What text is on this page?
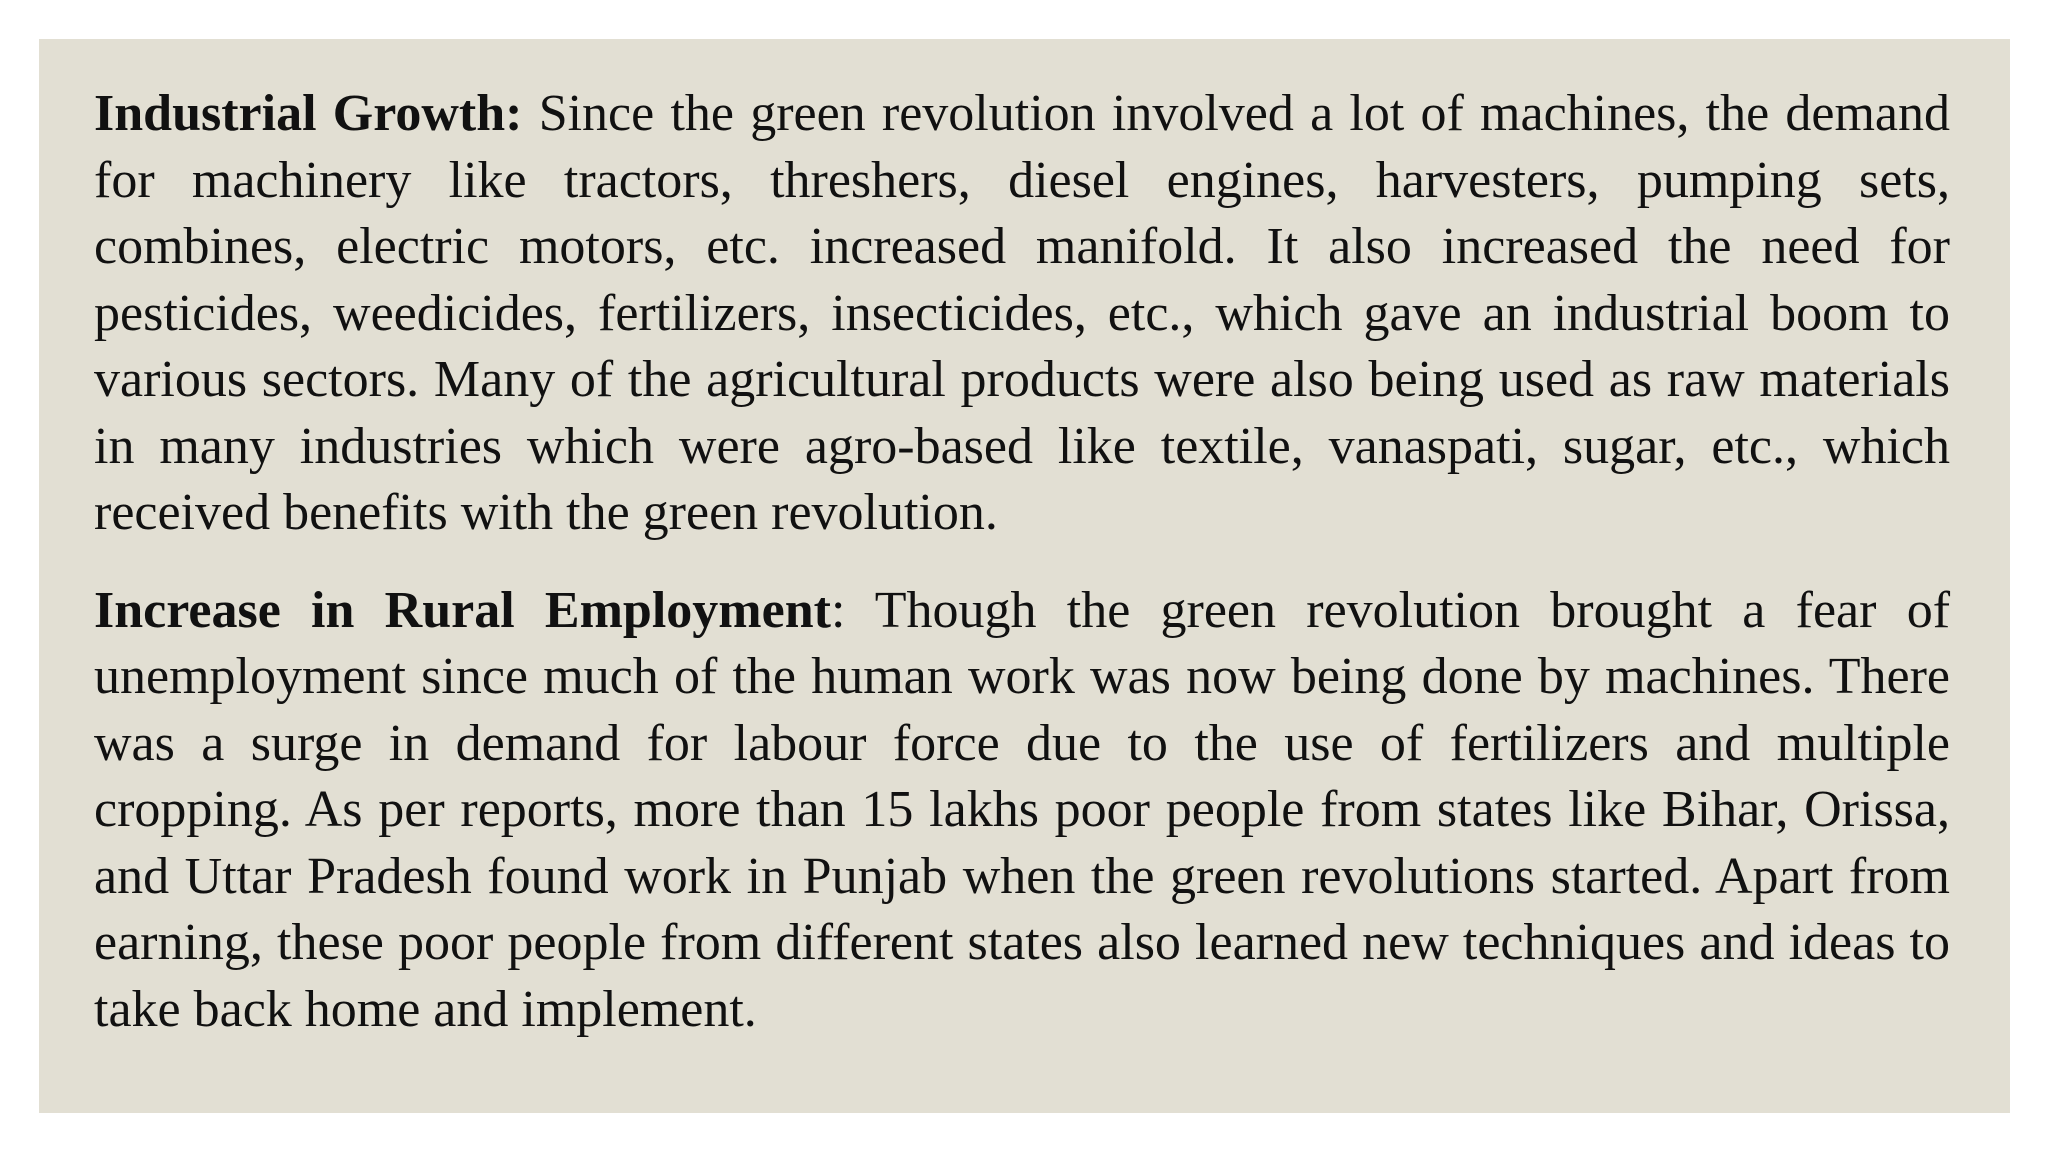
Industrial Growth: Since the green revolution involved a lot of machines, the demand for machinery like tractors, threshers, diesel engines, harvesters, pumping sets, combines, electric motors, etc. increased manifold. It also increased the need for pesticides, weedicides, fertilizers, insecticides, etc., which gave an industrial boom to various sectors. Many of the agricultural products were also being used as raw materials in many industries which were agro-based like textile, vanaspati, sugar, etc., which received benefits with the green revolution.

Increase in Rural Employment: Though the green revolution brought a fear of unemployment since much of the human work was now being done by machines. There was a surge in demand for labour force due to the use of fertilizers and multiple cropping. As per reports, more than 15 lakhs poor people from states like Bihar, Orissa, and Uttar Pradesh found work in Punjab when the green revolutions started. Apart from earning, these poor people from different states also learned new techniques and ideas to take back home and implement.
